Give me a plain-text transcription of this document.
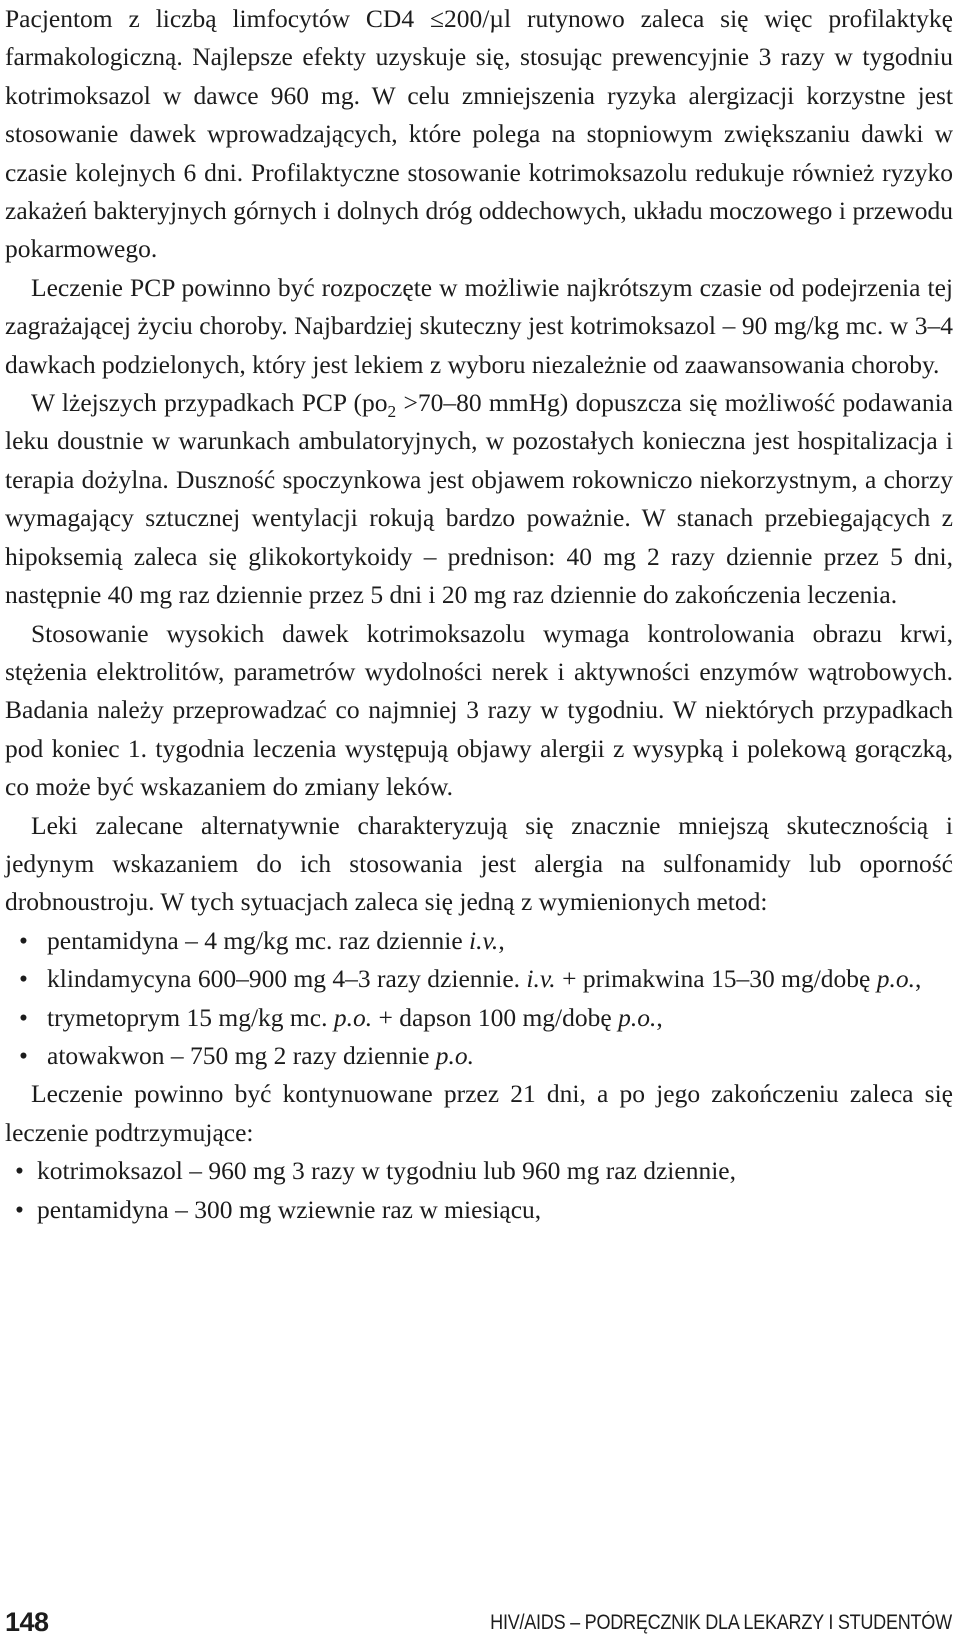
Pacjentom z liczbą limfocytów CD4 ≤200/µl rutynowo zaleca się więc profilaktykę farmakologiczną. Najlepsze efekty uzyskuje się, stosując prewencyjnie 3 razy w tygodniu kotrimoksazol w dawce 960 mg. W celu zmniejszenia ryzyka alergizacji korzystne jest stosowanie dawek wprowadzających, które polega na stopniowym zwiększaniu dawki w czasie kolejnych 6 dni. Profilaktyczne stosowanie kotrimoksazolu redukuje również ryzyko zakażeń bakteryjnych górnych i dolnych dróg oddechowych, układu moczowego i przewodu pokarmowego.

Leczenie PCP powinno być rozpoczęte w możliwie najkrótszym czasie od podejrzenia tej zagrażającej życiu choroby. Najbardziej skuteczny jest kotrimoksazol – 90 mg/kg mc. w 3–4 dawkach podzielonych, który jest lekiem z wyboru niezależnie od zaawansowania choroby.

W lżejszych przypadkach PCP ($po_2 >70-80$ mmHg) dopuszcza się możliwość podawania leku doustnie w warunkach ambulatoryjnych, w pozostałych konieczna jest hospitalizacja i terapia dożylna. Duszność spoczynkowa jest objawem rokowniczo niekorzystnym, a chorzy wymagający sztucznej wentylacji rokują bardzo poważnie. W stanach przebiegających z hipoksemią zaleca się glikokortykoidy – prednison: 40 mg 2 razy dziennie przez 5 dni, następnie 40 mg raz dziennie przez 5 dni i 20 mg raz dziennie do zakończenia leczenia.

Stosowanie wysokich dawek kotrimoksazolu wymaga kontrolowania obrazu krwi, stężenia elektrolitów, parametrów wydolności nerek i aktywności enzymów wątrobowych. Badania należy przeprowadzać co najmniej 3 razy w tygodniu. W niektórych przypadkach pod koniec 1. tygodnia leczenia występują objawy alergii z wysypką i polekową gorączką, co może być wskazaniem do zmiany leków.

Leki zalecane alternatywnie charakteryzują się znacznie mniejszą skutecznością i jedynym wskazaniem do ich stosowania jest alergia na sulfonamidy lub oporność drobnoustroju. W tych sytuacjach zaleca się jedną z wymienionych metod:

• pentamidyna – 4 mg/kg mc. raz dziennie i.v.,
• klindamycyna 600–900 mg 4–3 razy dziennie. i.v. + primakwina 15–30 mg/dobę p.o.,
• trymetoprym 15 mg/kg mc. p.o. + dapson 100 mg/dobę p.o.,
• atowakwon – 750 mg 2 razy dziennie p.o.

Leczenie powinno być kontynuowane przez 21 dni, a po jego zakończeniu zaleca się leczenie podtrzymujące:

• kotrimoksazol – 960 mg 3 razy w tygodniu lub 960 mg raz dziennie,
• pentamidyna – 300 mg wziewnie raz w miesiącu,
148	HIV/AIDS – PODRĘCZNIK DLA LEKARZY I STUDENTÓW
